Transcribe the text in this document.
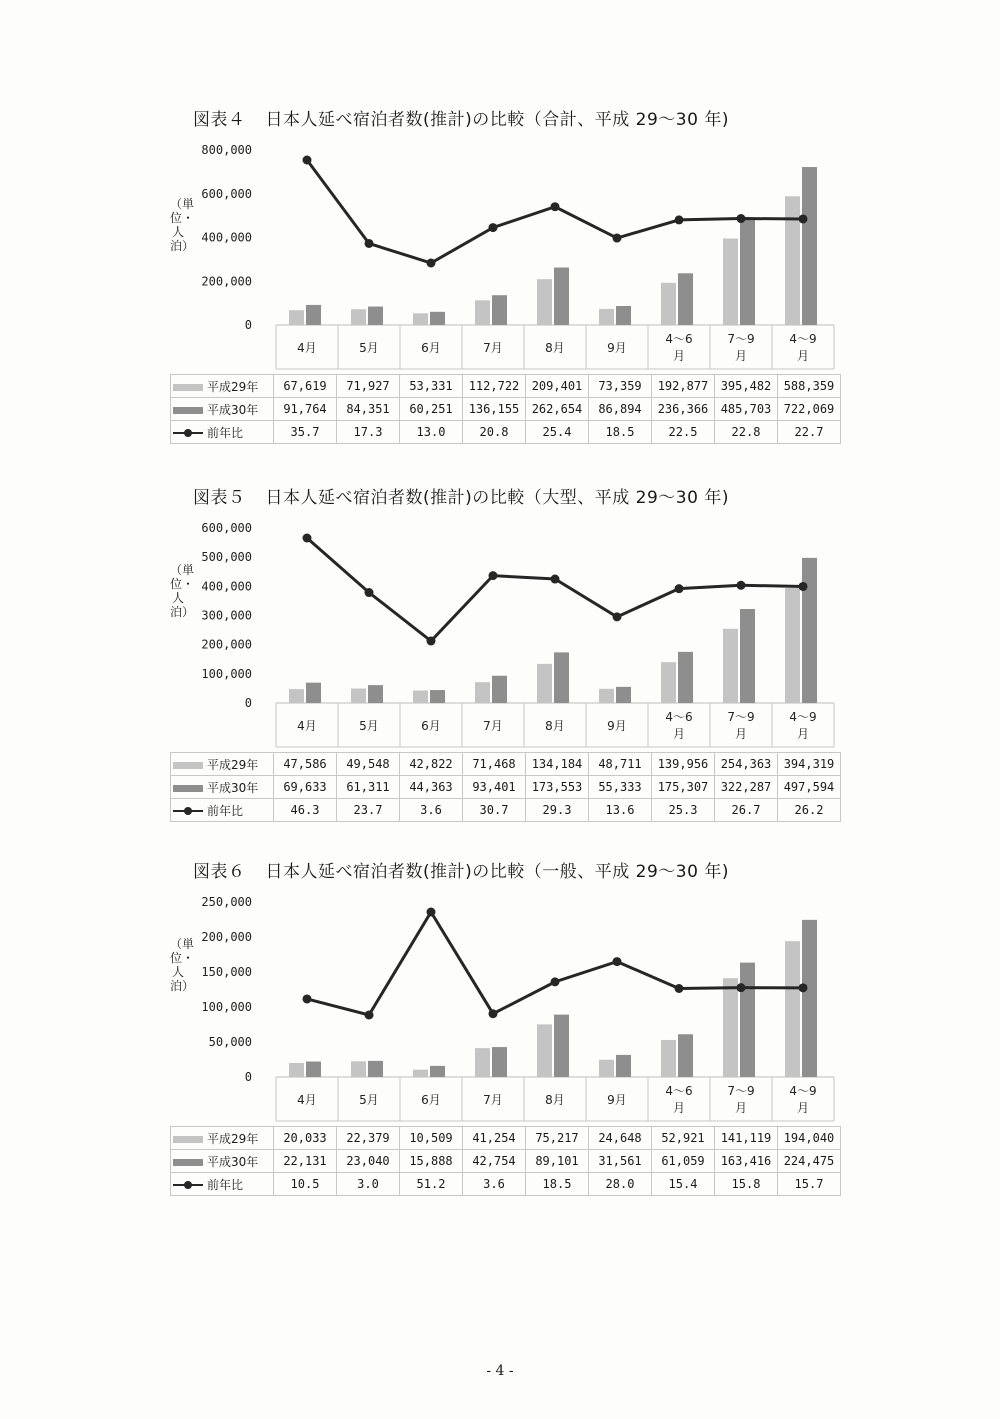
図表４ 日本人延べ宿泊者数(推計)の比較（合計、平成 29〜30 年)
（単位・人泊）
4月	5月	6月	7月	8月	9月
4〜6
月
7〜9
月
4〜9
月
0
200,000
400,000
600,000
800,000
平成29年	67,619	71,927	53,331	112,722	209,401	73,359	192,877	395,482	588,359
平成30年	91,764	84,351	60,251	136,155	262,654	86,894	236,366	485,703	722,069
前年比	35.7	17.3	13.0	20.8	25.4	18.5	22.5	22.8	22.7
図表５ 日本人延べ宿泊者数(推計)の比較（大型、平成 29〜30 年)
（単位・人泊）
4月	5月	6月	7月	8月	9月
4〜6
月
7〜9
月
4〜9
月
0
100,000
200,000
300,000
400,000
500,000
600,000
平成29年	47,586	49,548	42,822	71,468	134,184	48,711	139,956	254,363	394,319
平成30年	69,633	61,311	44,363	93,401	173,553	55,333	175,307	322,287	497,594
前年比	46.3	23.7	3.6	30.7	29.3	13.6	25.3	26.7	26.2
図表６ 日本人延べ宿泊者数(推計)の比較（一般、平成 29〜30 年)
（単位・人泊）
4月	5月	6月	7月	8月	9月
4〜6
月
7〜9
月
4〜9
月
0
50,000
100,000
150,000
200,000
250,000
平成29年	20,033	22,379	10,509	41,254	75,217	24,648	52,921	141,119	194,040
平成30年	22,131	23,040	15,888	42,754	89,101	31,561	61,059	163,416	224,475
前年比	10.5	3.0	51.2	3.6	18.5	28.0	15.4	15.8	15.7
- 4 -
